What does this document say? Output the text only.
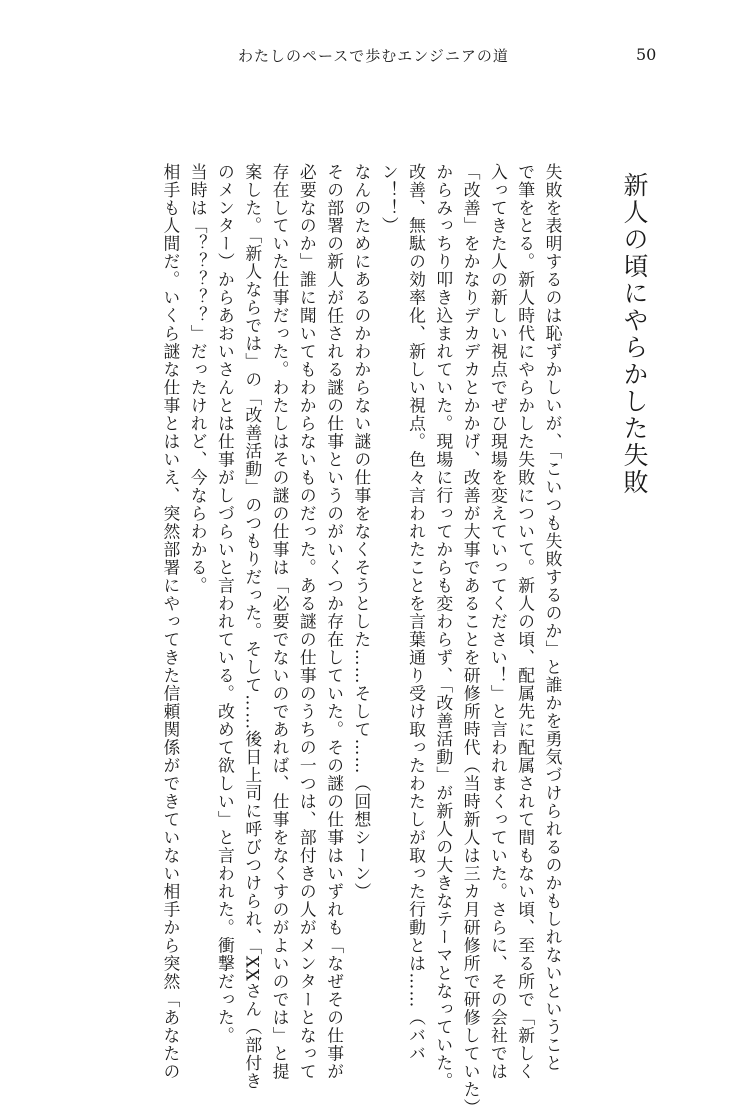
わたしのペースで歩むエンジニアの道	50
新人の頃にやらかした失敗
失敗を表明するのは恥ずかしいが、「こいつも失敗するのか」と誰かを勇気づけられるのかもしれないということ
で筆をとる。新人時代にやらかした失敗について。新人の頃、配属先に配属されて間もない頃、至る所で「新しく
入ってきた人の新しい視点でぜひ現場を変えていってください！」と言われまくっていた。さらに、その会社では
「改善」をかなりデカデカとかかげ、改善が大事であることを研修所時代（当時新人は三カ月研修所で研修していた）
からみっちり叩き込まれていた。現場に行ってからも変わらず、「改善活動」が新人の大きなテーマとなっていた。
改善、無駄の効率化、新しい視点。色々言われたことを言葉通り受け取ったわたしが取った行動とは……（ババ
ン！！）
なんのためにあるのかわからない謎の仕事をなくそうとした……そして……（回想シーン）
その部署の新人が任される謎の仕事というのがいくつか存在していた。その謎の仕事はいずれも「なぜその仕事が
必要なのか」誰に聞いてもわからないものだった。ある謎の仕事のうちの一つは、部付きの人がメンターとなって
存在していた仕事だった。わたしはその謎の仕事は「必要でないのであれば、仕事をなくすのがよいのでは」と提
案した。「新人ならでは」の「改善活動」のつもりだった。そして……後日上司に呼びつけられ、「XXさん（部付き
のメンター）からあおいさんとは仕事がしづらいと言われている。改めて欲しい」と言われた。衝撃だった。
当時は「？？？？？」だったけれど、今ならわかる。
相手も人間だ。いくら謎な仕事とはいえ、突然部署にやってきた信頼関係ができていない相手から突然「あなたの
